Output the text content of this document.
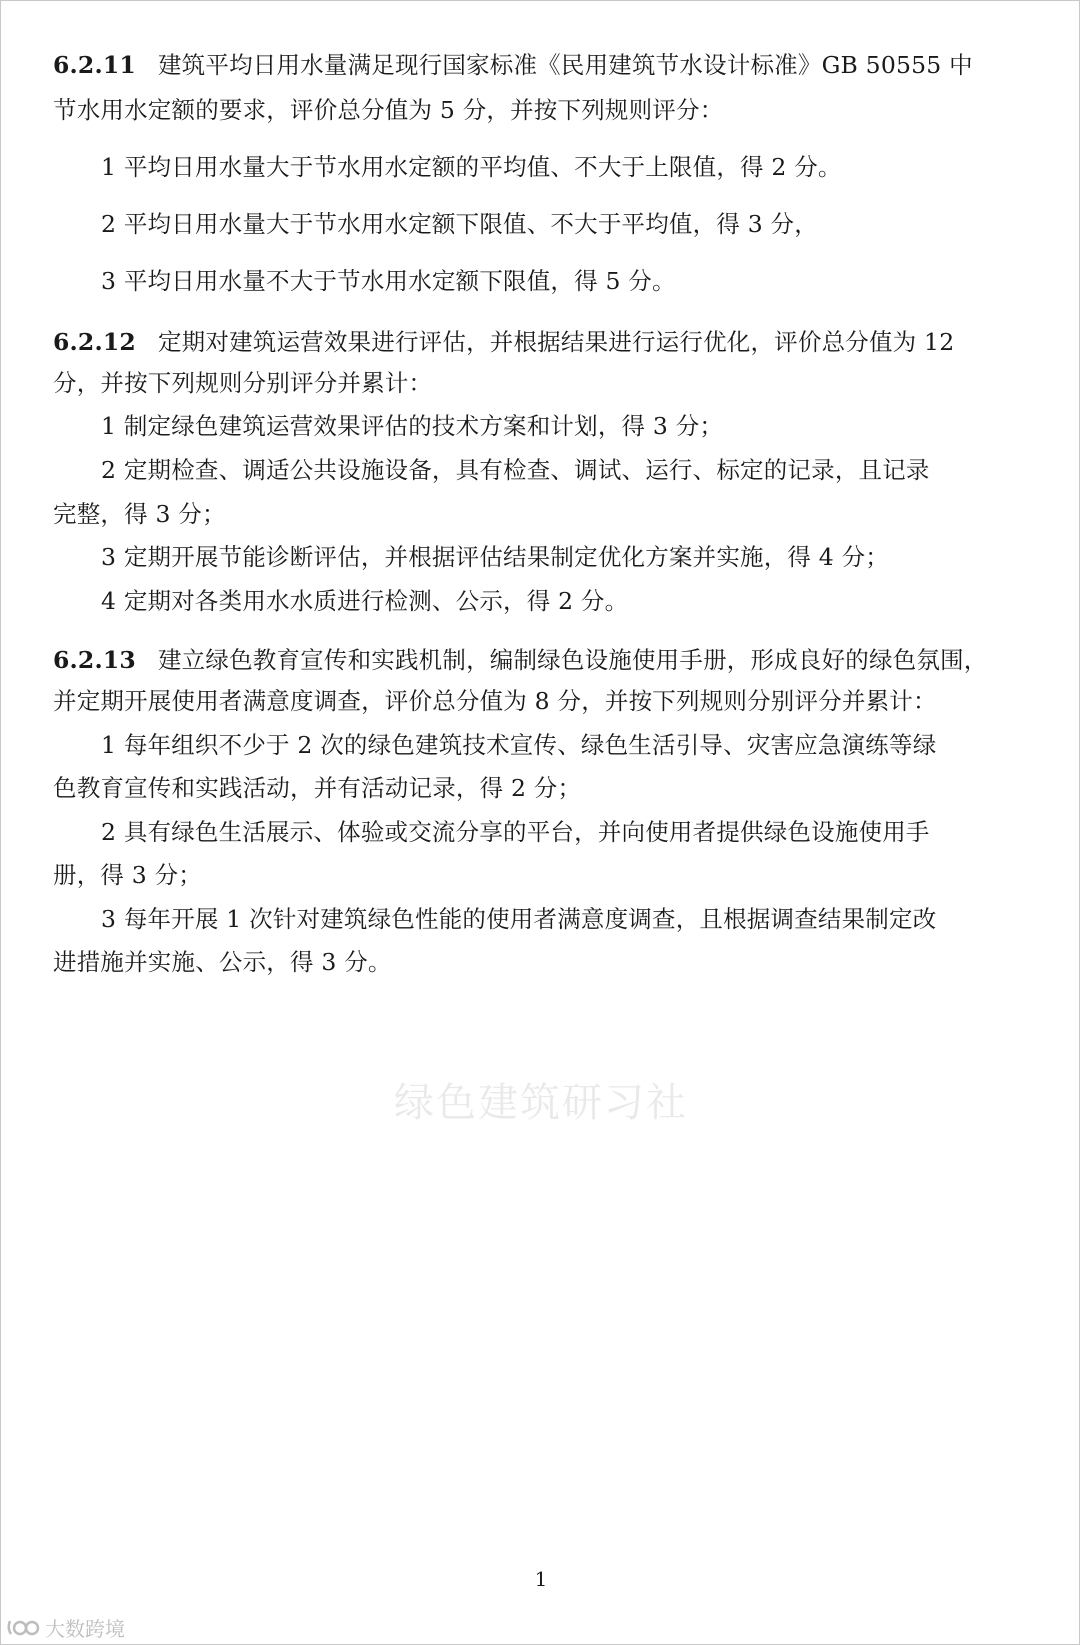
6.2.11 建筑平均日用水量满足现行国家标准《民用建筑节水设计标准》GB 50555 中
节水用水定额的要求，评价总分值为 5 分，并按下列规则评分：
1 平均日用水量大于节水用水定额的平均值、不大于上限值，得 2 分。
2 平均日用水量大于节水用水定额下限值、不大于平均值，得 3 分，
3 平均日用水量不大于节水用水定额下限值，得 5 分。
6.2.12 定期对建筑运营效果进行评估，并根据结果进行运行优化，评价总分值为 12
分，并按下列规则分别评分并累计：
1 制定绿色建筑运营效果评估的技术方案和计划，得 3 分；
2 定期检查、调适公共设施设备，具有检查、调试、运行、标定的记录，且记录
完整，得 3 分；
3 定期开展节能诊断评估，并根据评估结果制定优化方案并实施，得 4 分；
4 定期对各类用水水质进行检测、公示，得 2 分。
6.2.13 建立绿色教育宣传和实践机制，编制绿色设施使用手册，形成良好的绿色氛围，
并定期开展使用者满意度调查，评价总分值为 8 分，并按下列规则分别评分并累计：
1 每年组织不少于 2 次的绿色建筑技术宣传、绿色生活引导、灾害应急演练等绿
色教育宣传和实践活动，并有活动记录，得 2 分；
2 具有绿色生活展示、体验或交流分享的平台，并向使用者提供绿色设施使用手
册，得 3 分；
3 每年开展 1 次针对建筑绿色性能的使用者满意度调查，且根据调查结果制定改
进措施并实施、公示，得 3 分。
绿色建筑研习社
1
大数跨境
